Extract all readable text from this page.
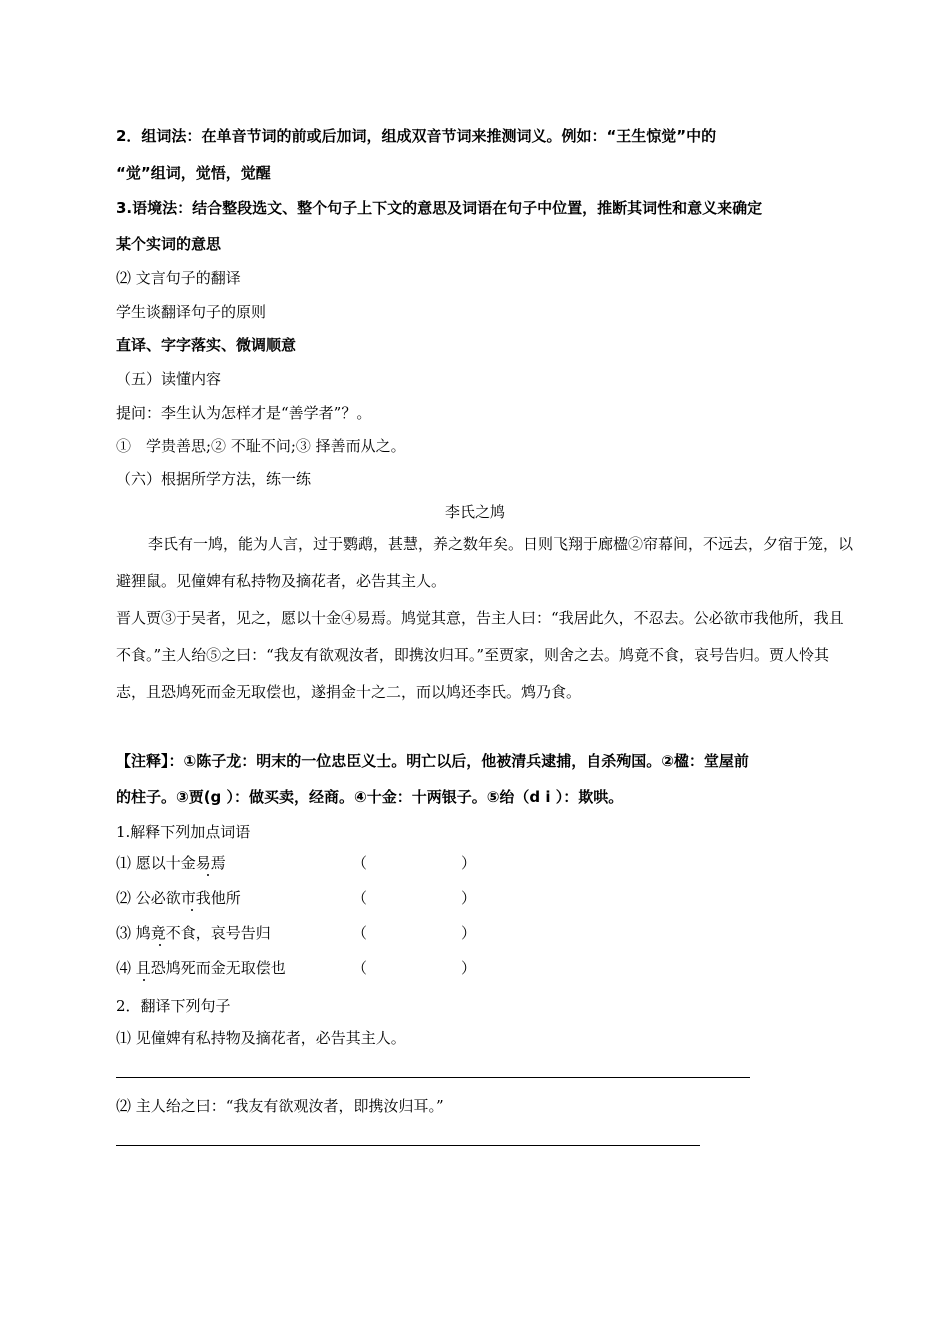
2．组词法：在单音节词的前或后加词，组成双音节词来推测词义。例如：“王生惊觉”中的
“觉”组词，觉悟，觉醒
3.语境法：结合整段选文、整个句子上下文的意思及词语在句子中位置，推断其词性和意义来确定
某个实词的意思
⑵ 文言句子的翻译
学生谈翻译句子的原则
直译、字字落实、微调顺意
（五）读懂内容
提问：李生认为怎样才是“善学者”？。
①　学贵善思;② 不耻不问;③ 择善而从之。
（六）根据所学方法，练一练
李氏之鸠

李氏有一鸠，能为人言，过于鹦鹉，甚慧，养之数年矣。日则飞翔于廊楹②帘幕间，不远去，夕宿于笼，以避狸鼠。见僮婢有私持物及摘花者，必告其主人。

晋人贾③于吴者，见之，愿以十金④易焉。鸠觉其意，告主人曰：“我居此久，不忍去。公必欲市我他所，我且不食。”主人绐⑤之曰：“我友有欲观汝者，即携汝归耳。”至贾家，则舍之去。鸠竟不食，哀号告归。贾人怜其志，且恐鸠死而金无取偿也，遂捐金十之二，而以鸠还李氏。鸩乃食。

【注释】：①陈子龙：明末的一位忠臣义士。明亡以后，他被清兵逮捕，自杀殉国。②楹：堂屋前
的柱子。③贾(g ）：做买卖，经商。④十金：十两银子。⑤绐（d i ）：欺哄。
1.解释下列加点词语
⑴ 愿以十金易焉	（	）
⑵ 公必欲市我他所	（	）
⑶ 鸠竟不食，哀号告归	（	）
⑷ 且恐鸠死而金无取偿也	（	）
2．翻译下列句子
⑴ 见僮婢有私持物及摘花者，必告其主人。
⑵ 主人绐之曰：“我友有欲观汝者，即携汝归耳。”
